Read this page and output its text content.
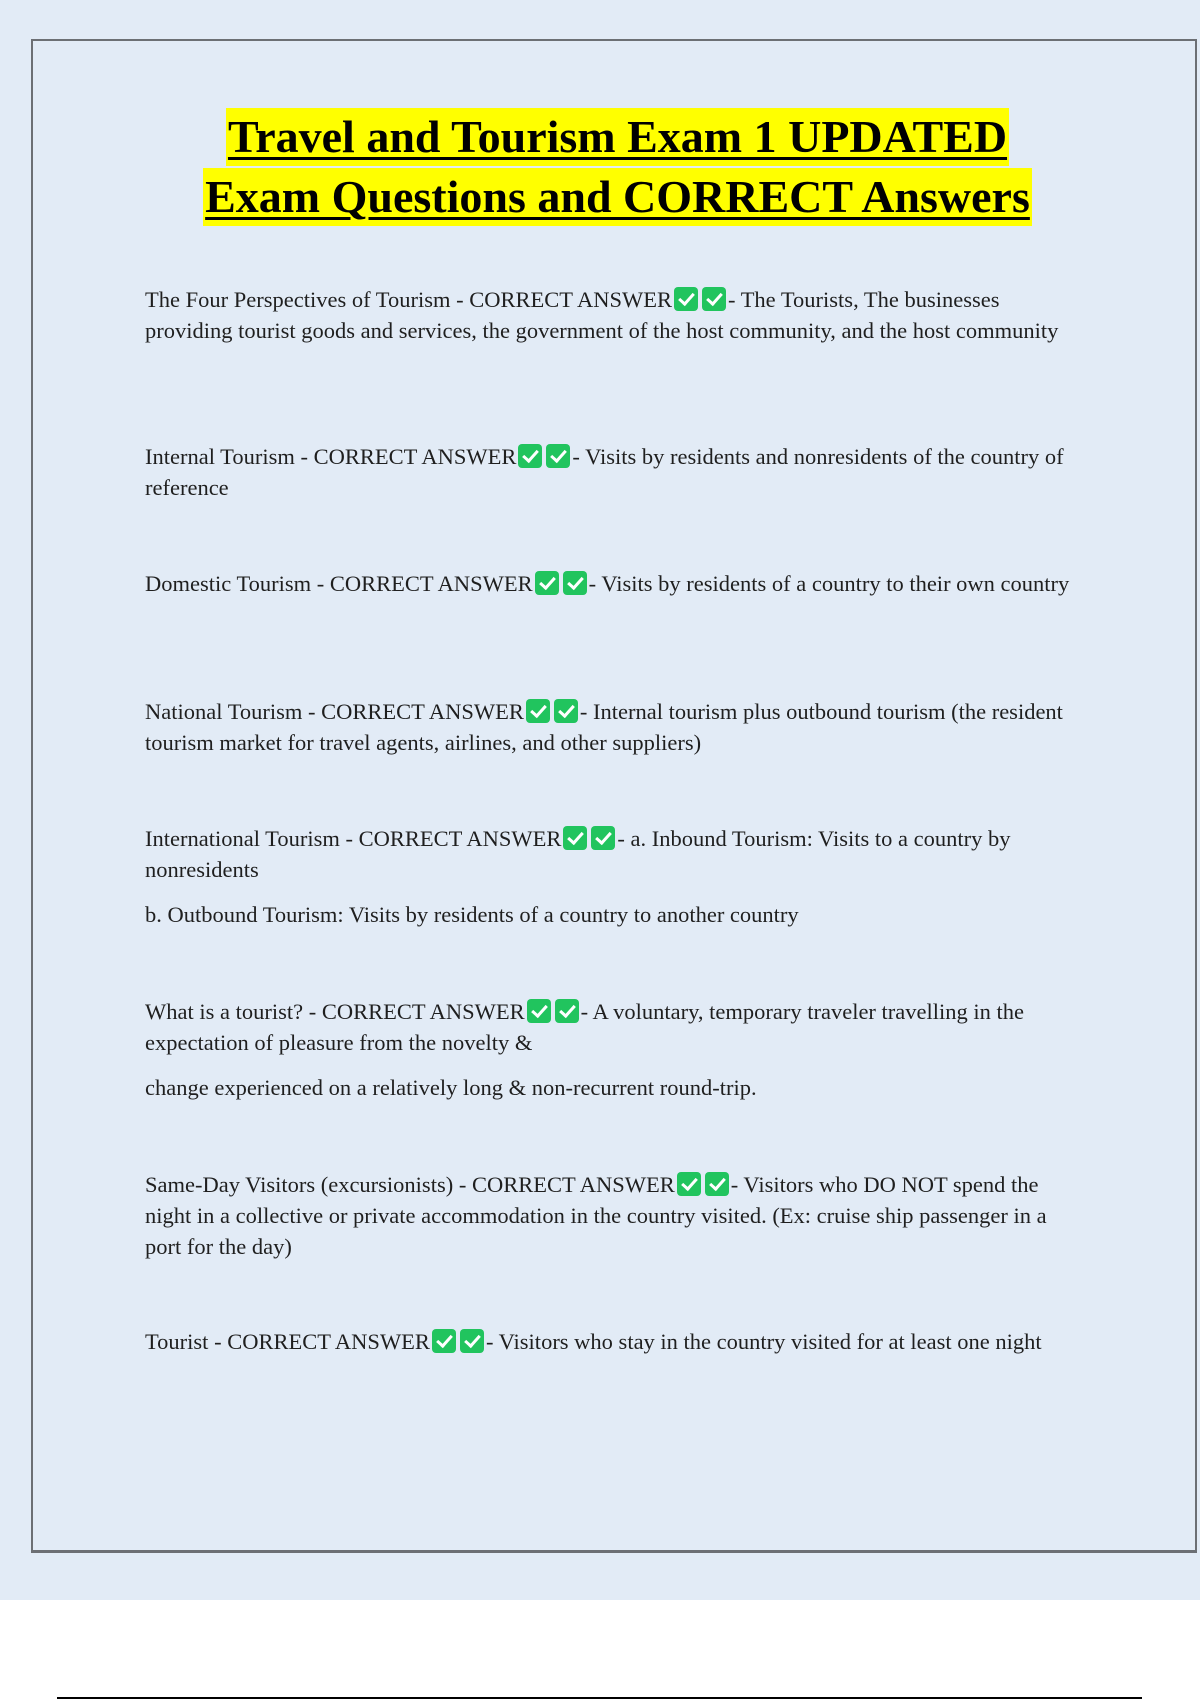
Travel and Tourism Exam 1 UPDATED
Exam Questions and CORRECT Answers

The Four Perspectives of Tourism - CORRECT ANSWER - The Tourists, The businesses providing tourist goods and services, the government of the host community, and the host community

Internal Tourism - CORRECT ANSWER - Visits by residents and nonresidents of the country of reference

Domestic Tourism - CORRECT ANSWER - Visits by residents of a country to their own country

National Tourism - CORRECT ANSWER - Internal tourism plus outbound tourism (the resident tourism market for travel agents, airlines, and other suppliers)

International Tourism - CORRECT ANSWER - a. Inbound Tourism: Visits to a country by nonresidents

b. Outbound Tourism: Visits by residents of a country to another country

What is a tourist? - CORRECT ANSWER - A voluntary, temporary traveler travelling in the expectation of pleasure from the novelty &

change experienced on a relatively long & non-recurrent round-trip.

Same-Day Visitors (excursionists) - CORRECT ANSWER - Visitors who DO NOT spend the night in a collective or private accommodation in the country visited. (Ex: cruise ship passenger in a port for the day)

Tourist - CORRECT ANSWER - Visitors who stay in the country visited for at least one night
